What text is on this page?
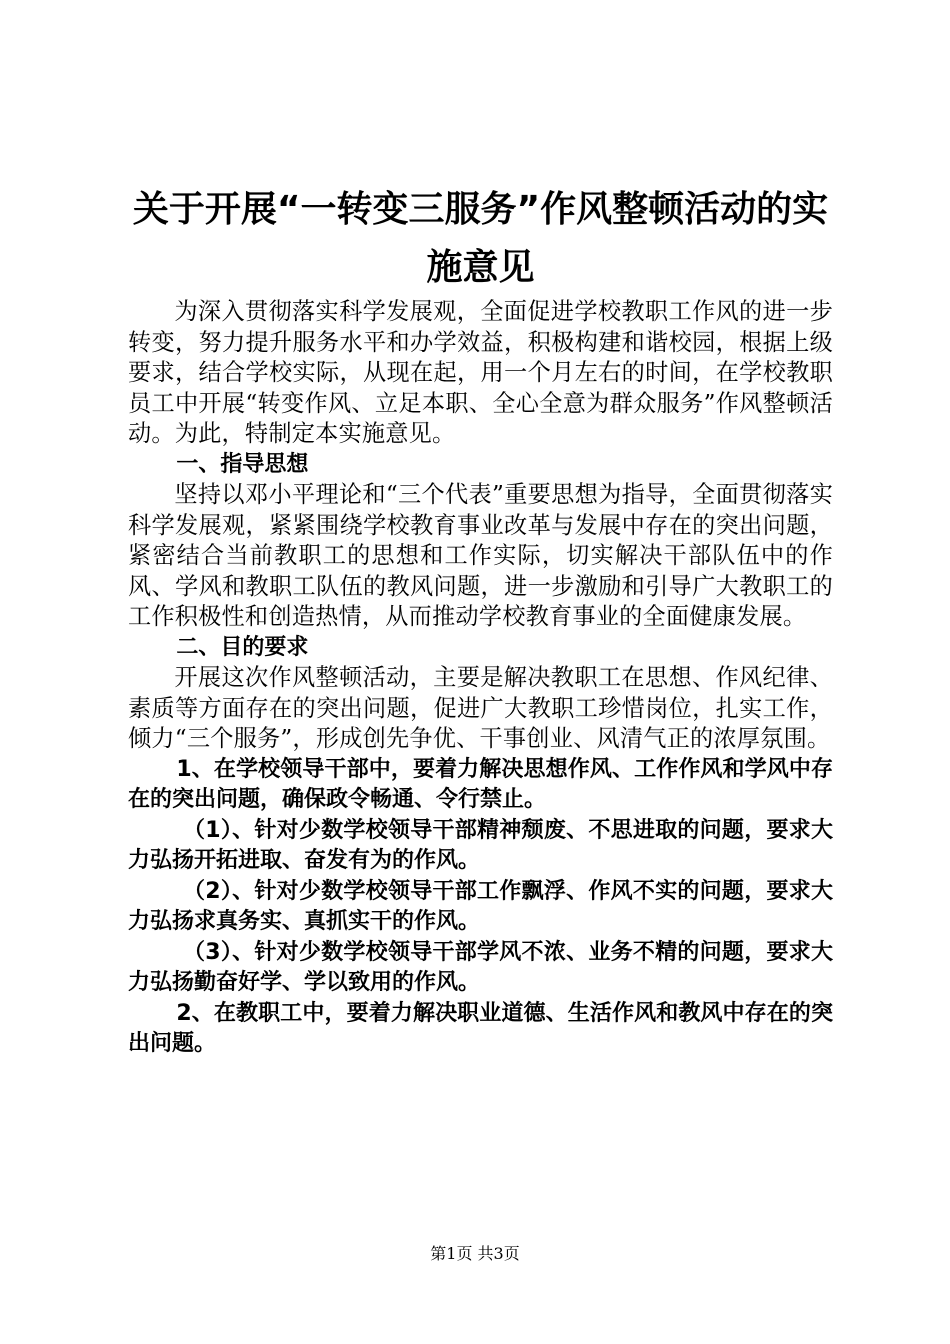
关于开展“一转变三服务”作风整顿活动的实
施意见

为深入贯彻落实科学发展观，全面促进学校教职工作风的进一步转变，努力提升服务水平和办学效益，积极构建和谐校园，根据上级要求，结合学校实际，从现在起，用一个月左右的时间，在学校教职员工中开展“转变作风、立足本职、全心全意为群众服务”作风整顿活动。为此，特制定本实施意见。

一、指导思想

坚持以邓小平理论和“三个代表”重要思想为指导，全面贯彻落实科学发展观，紧紧围绕学校教育事业改革与发展中存在的突出问题，紧密结合当前教职工的思想和工作实际，切实解决干部队伍中的作风、学风和教职工队伍的教风问题，进一步激励和引导广大教职工的工作积极性和创造热情，从而推动学校教育事业的全面健康发展。

二、目的要求

开展这次作风整顿活动，主要是解决教职工在思想、作风纪律、素质等方面存在的突出问题，促进广大教职工珍惜岗位，扎实工作，倾力“三个服务”，形成创先争优、干事创业、风清气正的浓厚氛围。

1、在学校领导干部中，要着力解决思想作风、工作作风和学风中存在的突出问题，确保政令畅通、令行禁止。

（1）、针对少数学校领导干部精神颓废、不思进取的问题，要求大力弘扬开拓进取、奋发有为的作风。

（2）、针对少数学校领导干部工作飘浮、作风不实的问题，要求大力弘扬求真务实、真抓实干的作风。

（3）、针对少数学校领导干部学风不浓、业务不精的问题，要求大力弘扬勤奋好学、学以致用的作风。

2、在教职工中，要着力解决职业道德、生活作风和教风中存在的突出问题。

第1页 共3页
